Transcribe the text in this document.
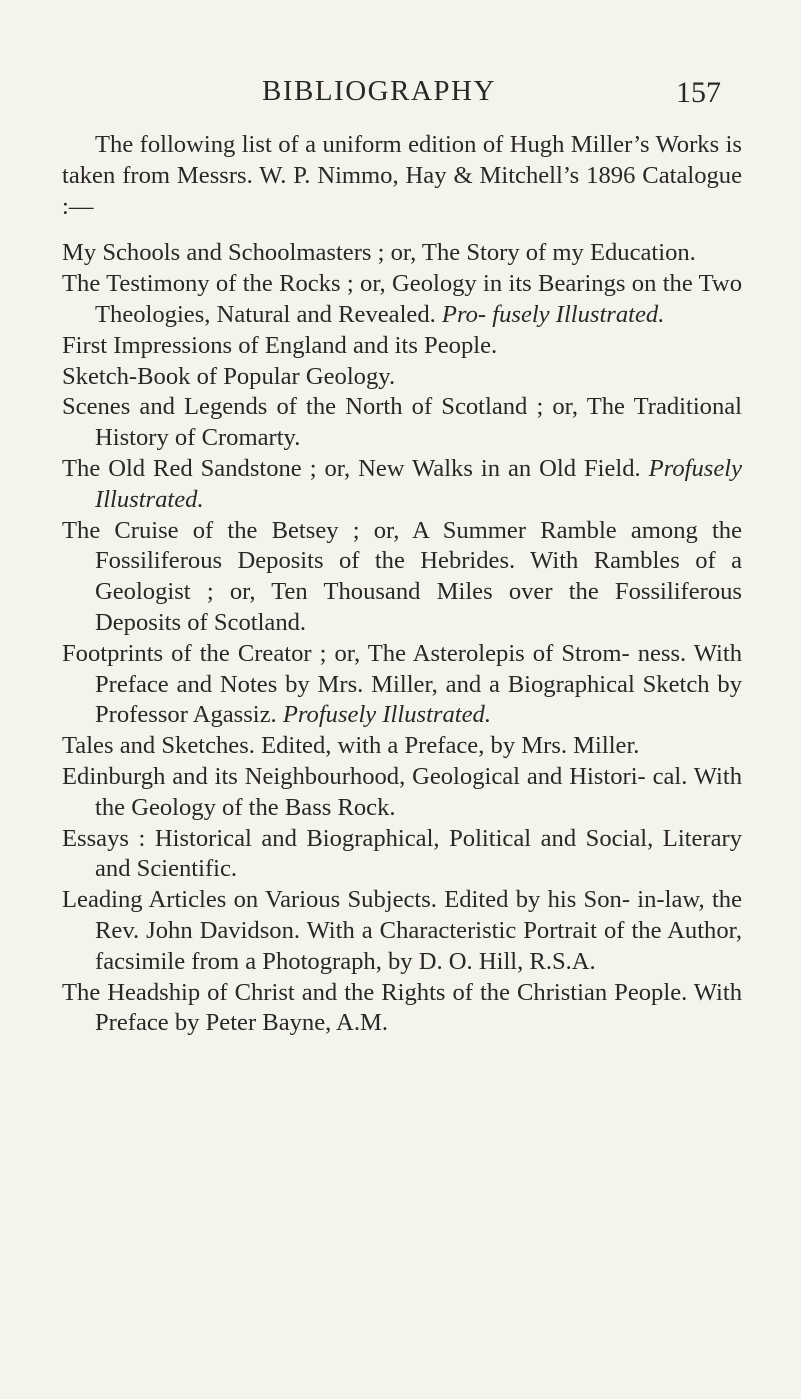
BIBLIOGRAPHY	157

The following list of a uniform edition of Hugh Miller’s Works is taken from Messrs. W. P. Nimmo, Hay & Mitchell’s 1896 Catalogue :—

My Schools and Schoolmasters ; or, The Story of my Education.
The Testimony of the Rocks ; or, Geology in its Bearings on the Two Theologies, Natural and Revealed. Pro- fusely Illustrated.
First Impressions of England and its People.
Sketch-Book of Popular Geology.
Scenes and Legends of the North of Scotland ; or, The Traditional History of Cromarty.
The Old Red Sandstone ; or, New Walks in an Old Field. Profusely Illustrated.
The Cruise of the Betsey ; or, A Summer Ramble among the Fossiliferous Deposits of the Hebrides. With Rambles of a Geologist ; or, Ten Thousand Miles over the Fossiliferous Deposits of Scotland.
Footprints of the Creator ; or, The Asterolepis of Strom- ness. With Preface and Notes by Mrs. Miller, and a Biographical Sketch by Professor Agassiz. Profusely Illustrated.
Tales and Sketches. Edited, with a Preface, by Mrs. Miller.
Edinburgh and its Neighbourhood, Geological and Histori- cal. With the Geology of the Bass Rock.
Essays : Historical and Biographical, Political and Social, Literary and Scientific.
Leading Articles on Various Subjects. Edited by his Son- in-law, the Rev. John Davidson. With a Characteristic Portrait of the Author, facsimile from a Photograph, by D. O. Hill, R.S.A.
The Headship of Christ and the Rights of the Christian People. With Preface by Peter Bayne, A.M.
